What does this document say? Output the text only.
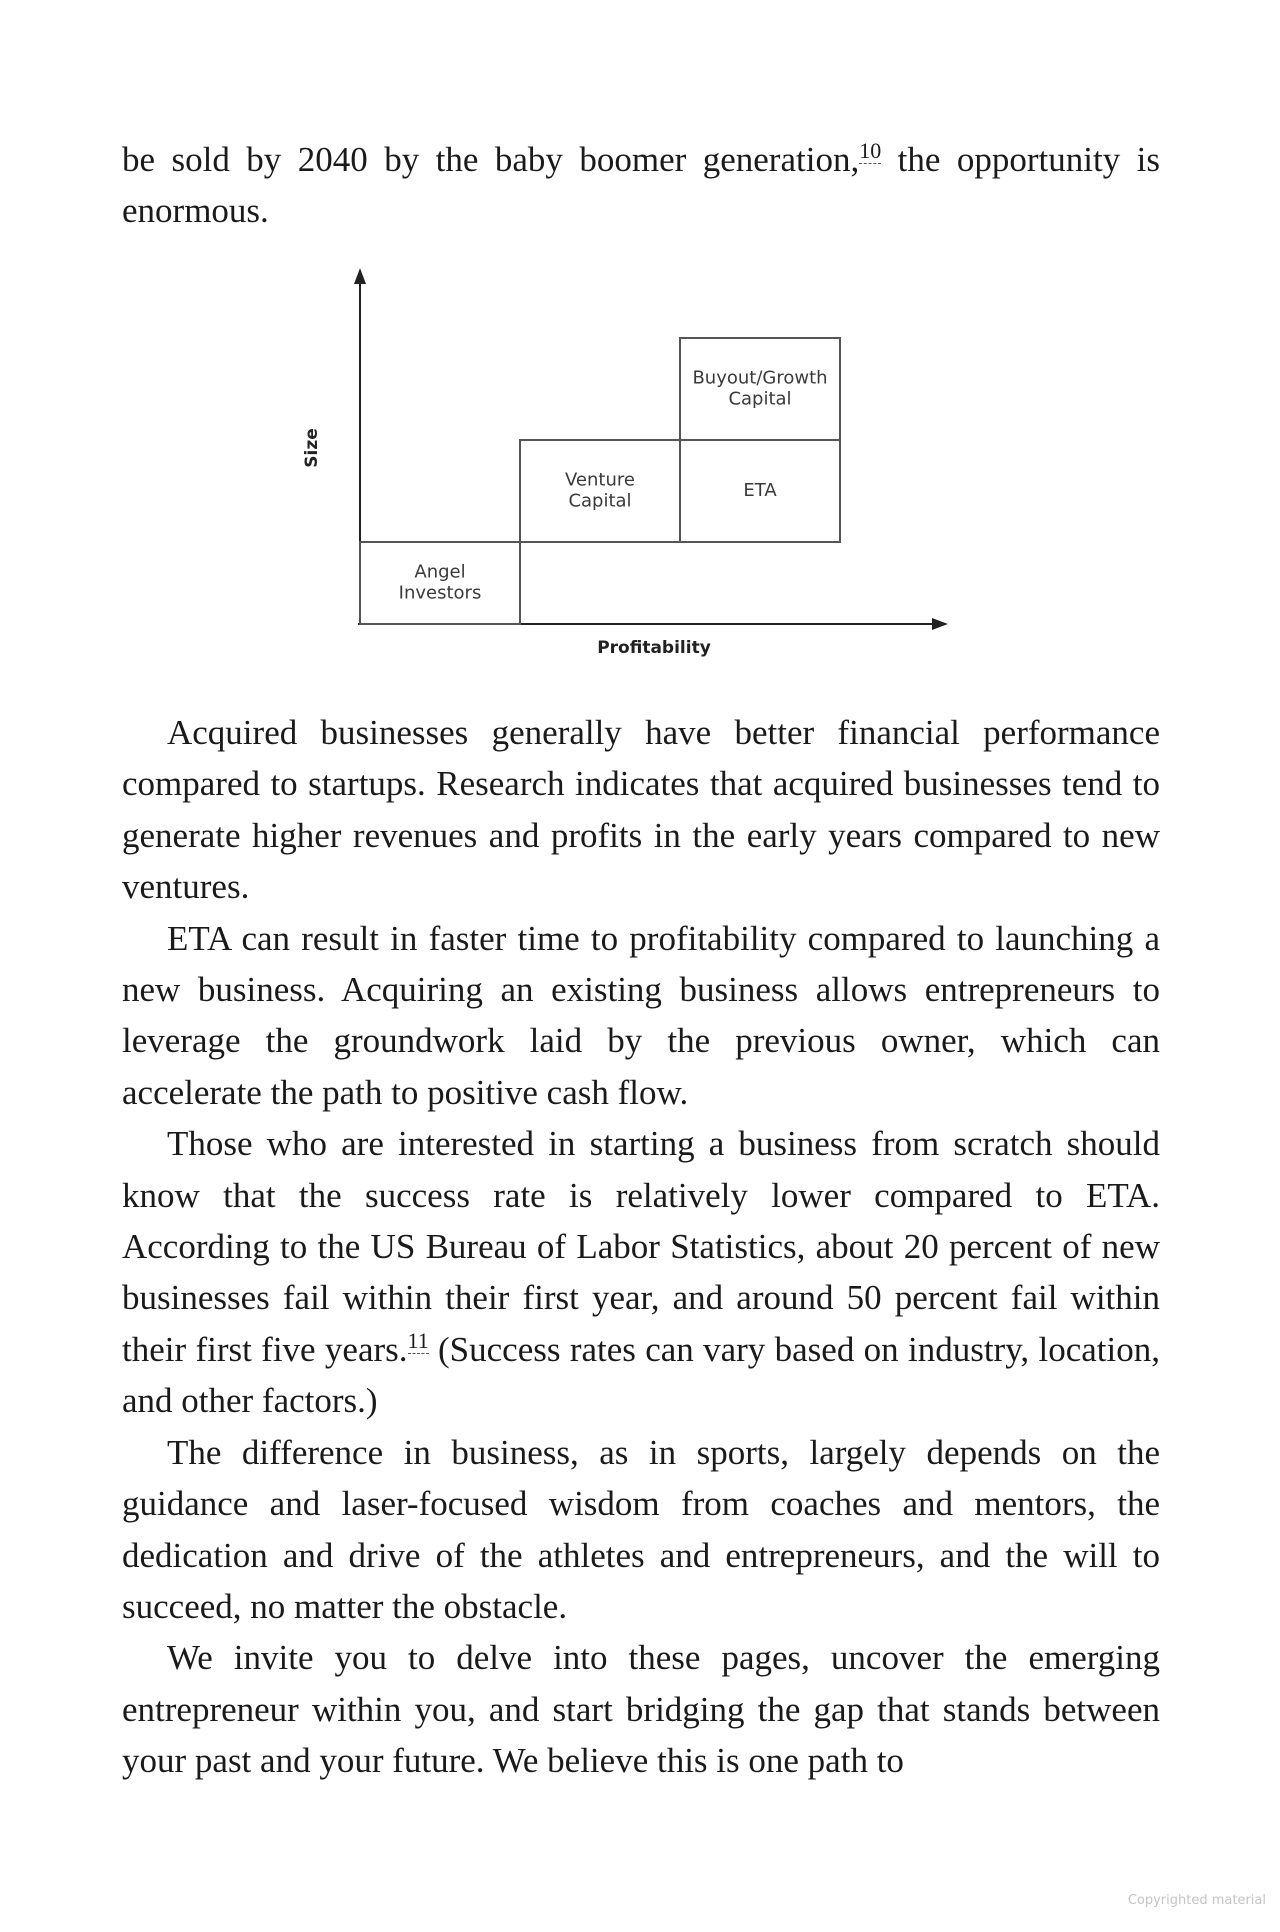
be sold by 2040 by the baby boomer generation,10 the opportunity is enormous.

Angel
Investors
Venture
Capital	ETA
Buyout/Growth
Capital
Size
Profitability

Acquired businesses generally have better financial performance compared to startups. Research indicates that acquired businesses tend to generate higher revenues and profits in the early years compared to new ventures.

ETA can result in faster time to profitability compared to launching a new business. Acquiring an existing business allows entrepreneurs to leverage the groundwork laid by the previous owner, which can accelerate the path to positive cash flow.

Those who are interested in starting a business from scratch should know that the success rate is relatively lower compared to ETA. According to the US Bureau of Labor Statistics, about 20 percent of new businesses fail within their first year, and around 50 percent fail within their first five years.11 (Success rates can vary based on industry, location, and other factors.)

The difference in business, as in sports, largely depends on the guidance and laser-focused wisdom from coaches and mentors, the dedication and drive of the athletes and entrepreneurs, and the will to succeed, no matter the obstacle.

We invite you to delve into these pages, uncover the emerging entrepreneur within you, and start bridging the gap that stands between your past and your future. We believe this is one path to

Copyrighted material
